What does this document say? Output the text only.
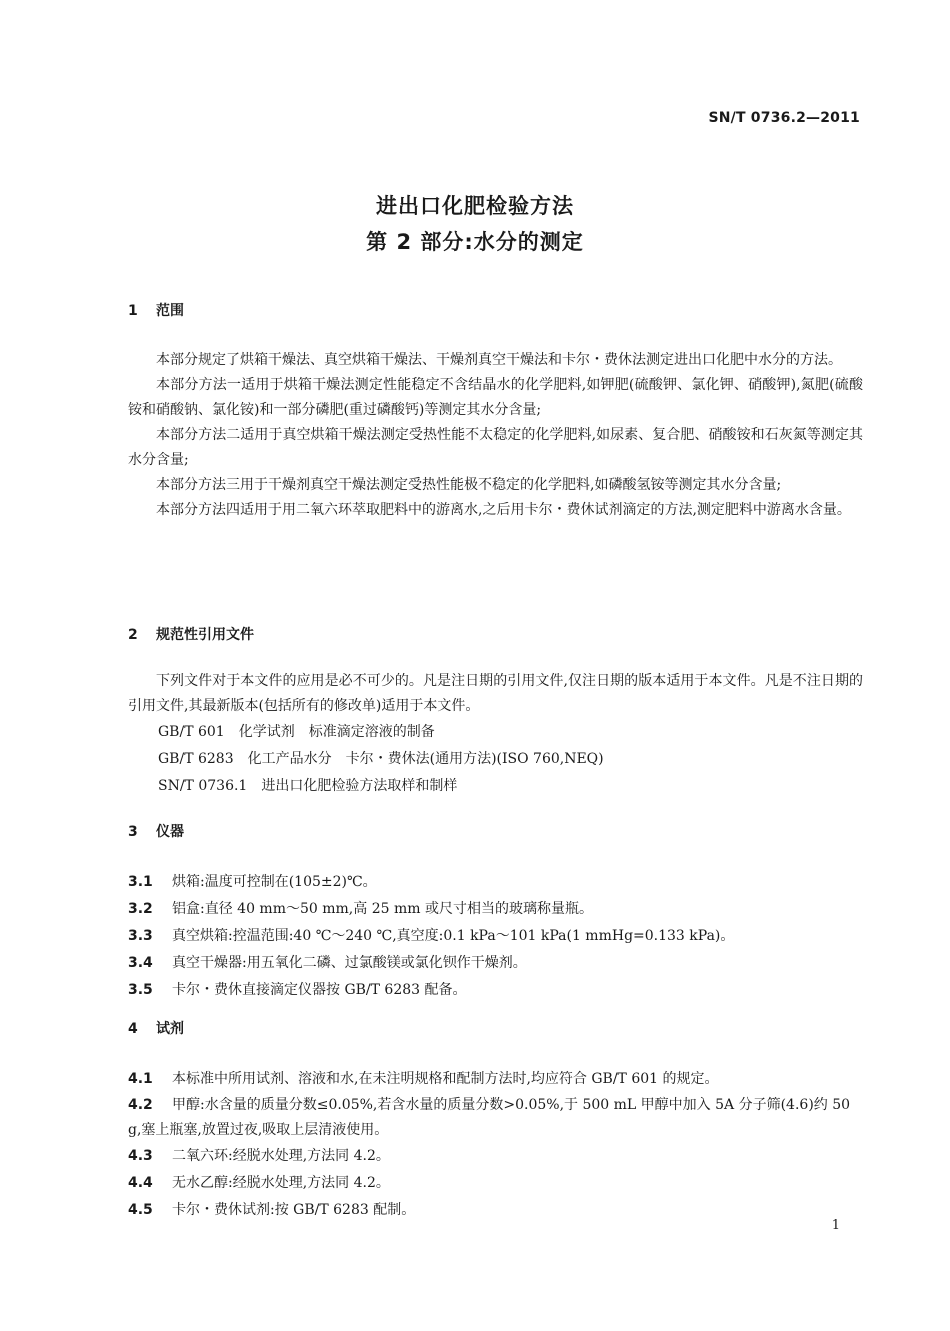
SN/T 0736.2—2011
进出口化肥检验方法
第 2 部分:水分的测定
1 范围

本部分规定了烘箱干燥法、真空烘箱干燥法、干燥剂真空干燥法和卡尔・费休法测定进出口化肥中水分的方法。

本部分方法一适用于烘箱干燥法测定性能稳定不含结晶水的化学肥料,如钾肥(硫酸钾、氯化钾、硝酸钾),氮肥(硫酸铵和硝酸钠、氯化铵)和一部分磷肥(重过磷酸钙)等测定其水分含量;

本部分方法二适用于真空烘箱干燥法测定受热性能不太稳定的化学肥料,如尿素、复合肥、硝酸铵和石灰氮等测定其水分含量;

本部分方法三用于干燥剂真空干燥法测定受热性能极不稳定的化学肥料,如磷酸氢铵等测定其水分含量;

本部分方法四适用于用二氧六环萃取肥料中的游离水,之后用卡尔・费休试剂滴定的方法,测定肥料中游离水含量。

2 规范性引用文件

下列文件对于本文件的应用是必不可少的。凡是注日期的引用文件,仅注日期的版本适用于本文件。凡是不注日期的引用文件,其最新版本(包括所有的修改单)适用于本文件。

GB/T 601　化学试剂　标准滴定溶液的制备
GB/T 6283　化工产品水分　卡尔・费休法(通用方法)(ISO 760,NEQ)
SN/T 0736.1　进出口化肥检验方法取样和制样
3 仪器

3.1 烘箱:温度可控制在(105±2)℃。

3.2 铝盒:直径 40 mm～50 mm,高 25 mm 或尺寸相当的玻璃称量瓶。

3.3 真空烘箱:控温范围:40 ℃～240 ℃,真空度:0.1 kPa～101 kPa(1 mmHg=0.133 kPa)。

3.4 真空干燥器:用五氧化二磷、过氯酸镁或氯化钡作干燥剂。

3.5 卡尔・费休直接滴定仪器按 GB/T 6283 配备。

4 试剂

4.1 本标准中所用试剂、溶液和水,在未注明规格和配制方法时,均应符合 GB/T 601 的规定。

4.2 甲醇:水含量的质量分数≤0.05%,若含水量的质量分数>0.05%,于 500 mL 甲醇中加入 5A 分子筛(4.6)约 50 g,塞上瓶塞,放置过夜,吸取上层清液使用。

4.3 二氧六环:经脱水处理,方法同 4.2。

4.4 无水乙醇:经脱水处理,方法同 4.2。

4.5 卡尔・费休试剂:按 GB/T 6283 配制。

1
